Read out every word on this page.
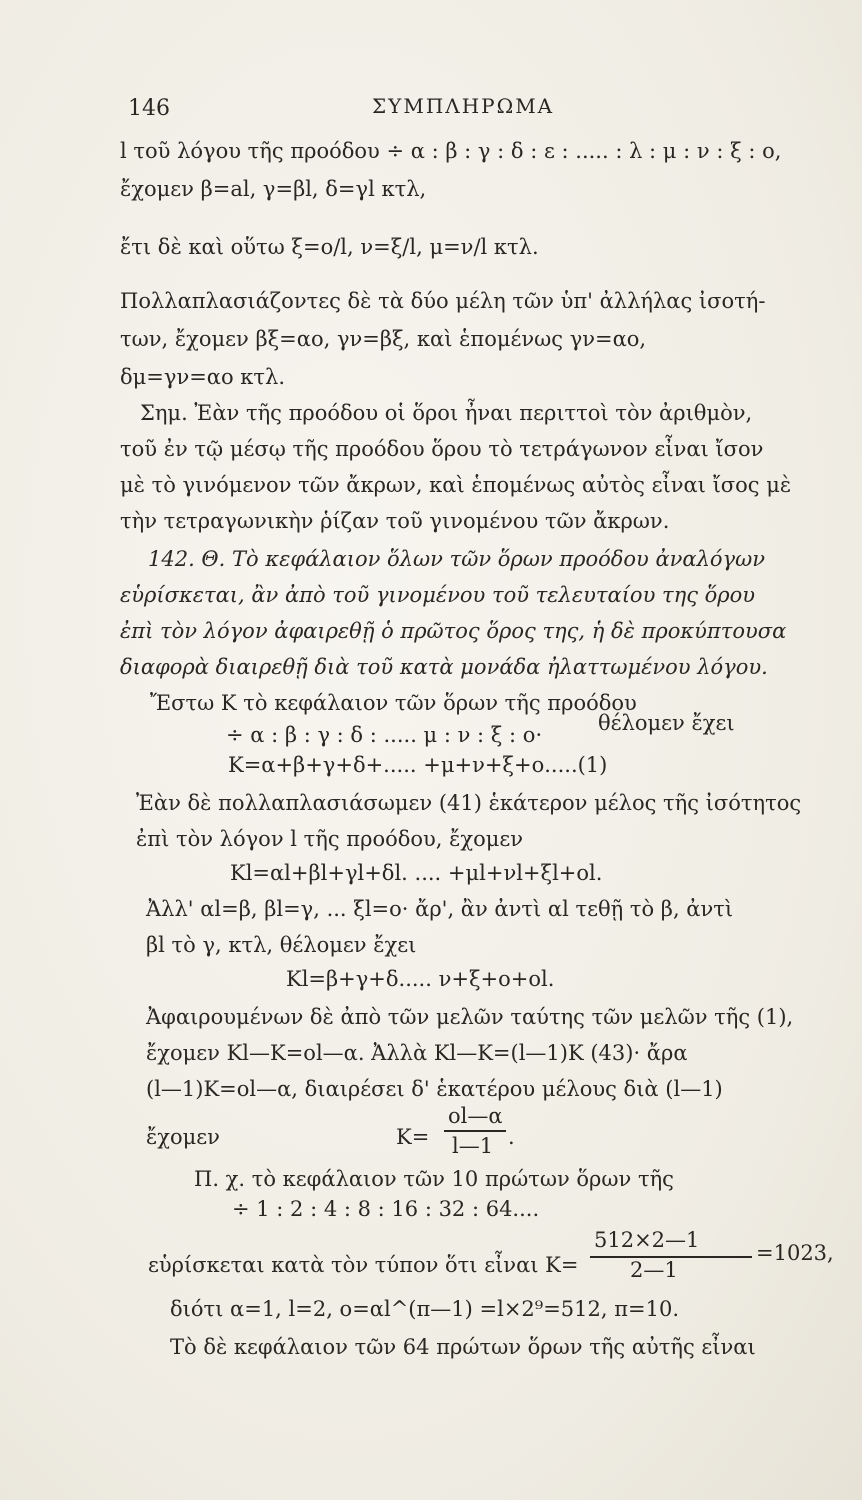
146	ΣΥΜΠΛΗΡΩΜΑ
l τοῦ λόγου τῆς προόδου ÷ α : β : γ : δ : ε : ..... : λ : μ : ν : ξ : ο,
ἔχομεν β=al, γ=βl, δ=γl κτλ,
ἔτι δὲ καὶ οὕτω ξ=ο/l, ν=ξ/l, μ=ν/l κτλ.
Πολλαπλασιάζοντες δὲ τὰ δύο μέλη τῶν ὑπ' ἀλλήλας ἰσοτή-
των, ἔχομεν βξ=αο, γν=βξ, καὶ ἑπομένως γν=αο,
δμ=γν=αο κτλ.
Σημ. Ἐὰν τῆς προόδου οἱ ὅροι ἦναι περιττοὶ τὸν ἀριθμὸν,
τοῦ ἐν τῷ μέσῳ τῆς προόδου ὅρου τὸ τετράγωνον εἶναι ἴσον
μὲ τὸ γινόμενον τῶν ἄκρων, καὶ ἑπομένως αὐτὸς εἶναι ἴσος μὲ
τὴν τετραγωνικὴν ῥίζαν τοῦ γινομένου τῶν ἄκρων.
142. Θ. Τὸ κεφάλαιον ὅλων τῶν ὅρων προόδου ἀναλόγων
εὑρίσκεται, ἂν ἀπὸ τοῦ γινομένου τοῦ τελευταίου της ὅρου
ἐπὶ τὸν λόγον ἀφαιρεθῇ ὁ πρῶτος ὅρος της, ἡ δὲ προκύπτουσα
διαφορὰ διαιρεθῇ διὰ τοῦ κατὰ μονάδα ἠλαττωμένου λόγου.
Ἔστω Κ τὸ κεφάλαιον τῶν ὅρων τῆς προόδου
÷ α : β : γ : δ : ..... μ : ν : ξ : ο·	θέλομεν ἔχει
Κ=α+β+γ+δ+..... +μ+ν+ξ+ο.....(1)
Ἐὰν δὲ πολλαπλασιάσωμεν (41) ἑκάτερον μέλος τῆς ἰσότητος
ἐπὶ τὸν λόγον l τῆς προόδου, ἔχομεν
Κl=αl+βl+γl+δl. .... +μl+νl+ξl+οl.
Ἀλλ' αl=β, βl=γ, ... ξl=ο· ἄρ', ἂν ἀντὶ αl τεθῇ τὸ β, ἀντὶ
βl τὸ γ, κτλ, θέλομεν ἔχει
Κl=β+γ+δ..... ν+ξ+ο+οl.
Ἀφαιρουμένων δὲ ἀπὸ τῶν μελῶν ταύτης τῶν μελῶν τῆς (1),
ἔχομεν Κl—Κ=οl—α. Ἀλλὰ Κl—Κ=(l—1)Κ (43)· ἄρα
(l—1)Κ=οl—α, διαιρέσει δ' ἑκατέρου μέλους διὰ (l—1)
ἔχομεν	Κ=
οl—α
l—1 .
Π. χ. τὸ κεφάλαιον τῶν 10 πρώτων ὅρων τῆς
÷ 1 : 2 : 4 : 8 : 16 : 32 : 64....
εὑρίσκεται κατὰ τὸν τύπον ὅτι εἶναι Κ=
512×2—1
2—1
=1023,
διότι α=1, l=2, ο=αl^(π—1) =l×2⁹=512, π=10.
Τὸ δὲ κεφάλαιον τῶν 64 πρώτων ὅρων τῆς αὐτῆς εἶναι
